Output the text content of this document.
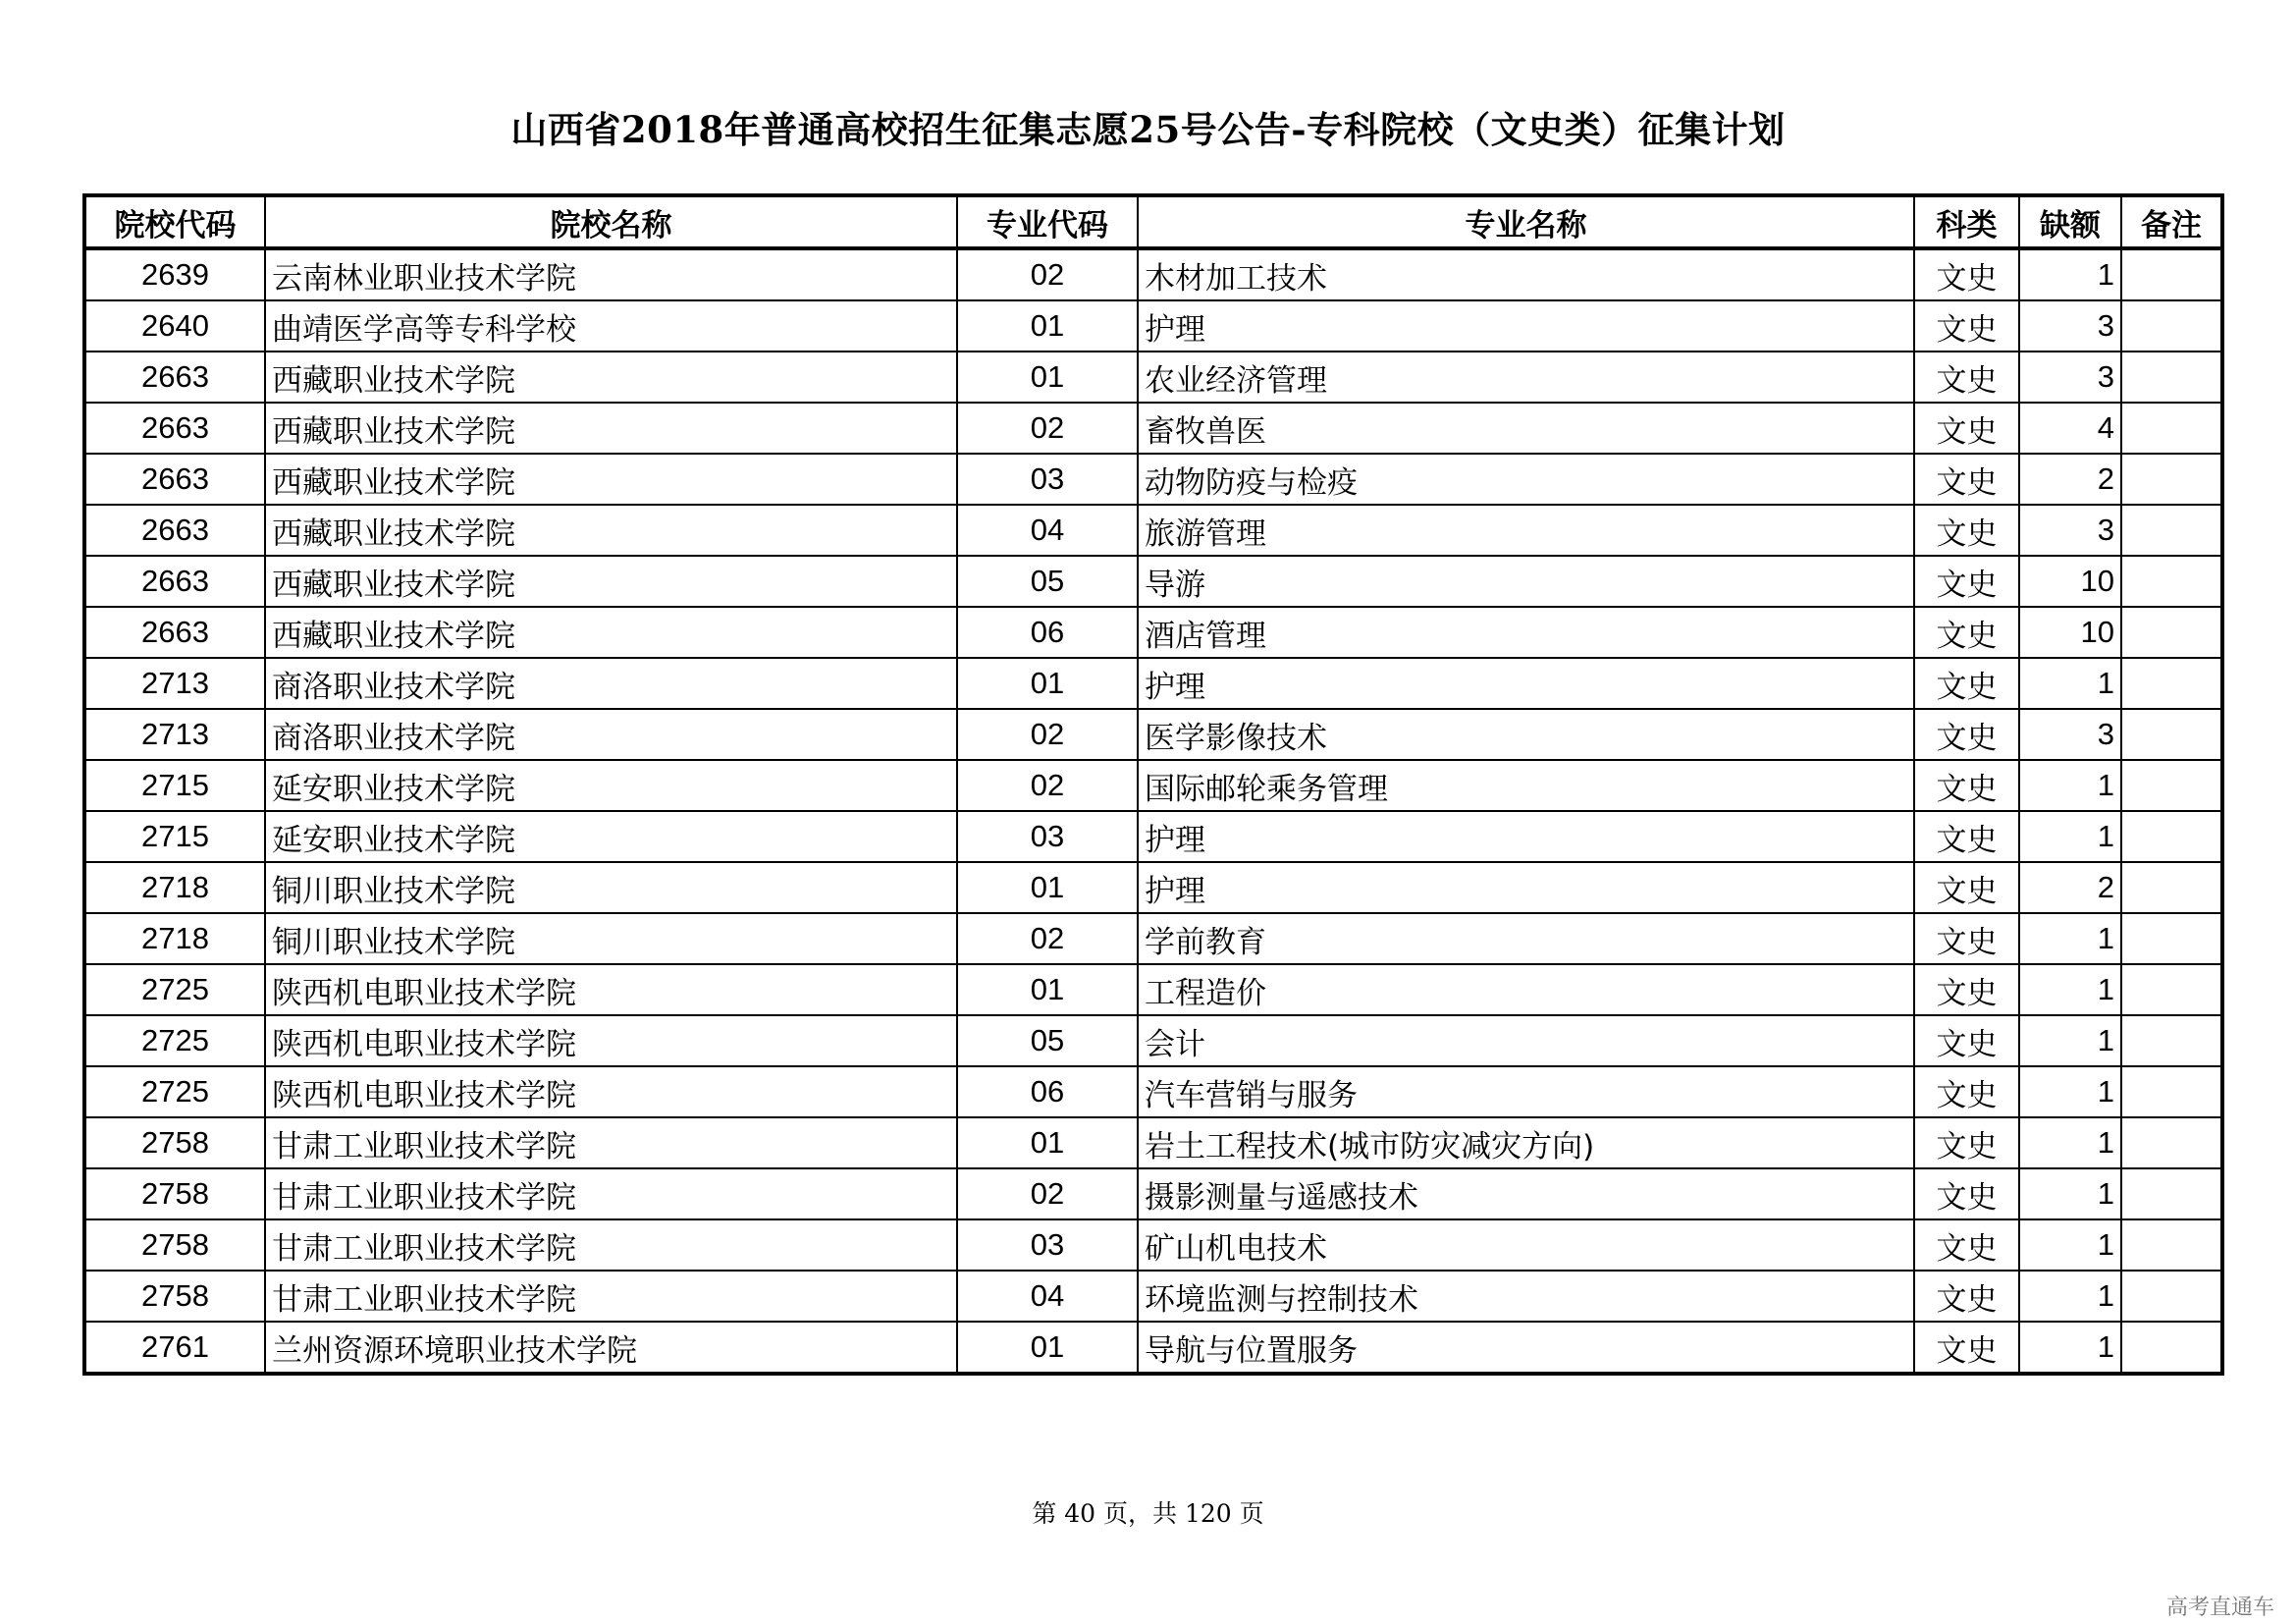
山西省2018年普通高校招生征集志愿25号公告-专科院校（文史类）征集计划
院校代码	院校名称	专业代码	专业名称	科类	缺额	备注
2639	云南林业职业技术学院	02	木材加工技术	文史	1	
2640	曲靖医学高等专科学校	01	护理	文史	3	
2663	西藏职业技术学院	01	农业经济管理	文史	3	
2663	西藏职业技术学院	02	畜牧兽医	文史	4	
2663	西藏职业技术学院	03	动物防疫与检疫	文史	2	
2663	西藏职业技术学院	04	旅游管理	文史	3	
2663	西藏职业技术学院	05	导游	文史	10	
2663	西藏职业技术学院	06	酒店管理	文史	10	
2713	商洛职业技术学院	01	护理	文史	1	
2713	商洛职业技术学院	02	医学影像技术	文史	3	
2715	延安职业技术学院	02	国际邮轮乘务管理	文史	1	
2715	延安职业技术学院	03	护理	文史	1	
2718	铜川职业技术学院	01	护理	文史	2	
2718	铜川职业技术学院	02	学前教育	文史	1	
2725	陕西机电职业技术学院	01	工程造价	文史	1	
2725	陕西机电职业技术学院	05	会计	文史	1	
2725	陕西机电职业技术学院	06	汽车营销与服务	文史	1	
2758	甘肃工业职业技术学院	01	岩土工程技术(城市防灾减灾方向)	文史	1	
2758	甘肃工业职业技术学院	02	摄影测量与遥感技术	文史	1	
2758	甘肃工业职业技术学院	03	矿山机电技术	文史	1	
2758	甘肃工业职业技术学院	04	环境监测与控制技术	文史	1	
2761	兰州资源环境职业技术学院	01	导航与位置服务	文史	1	
第 40 页，共 120 页
高考直通车
